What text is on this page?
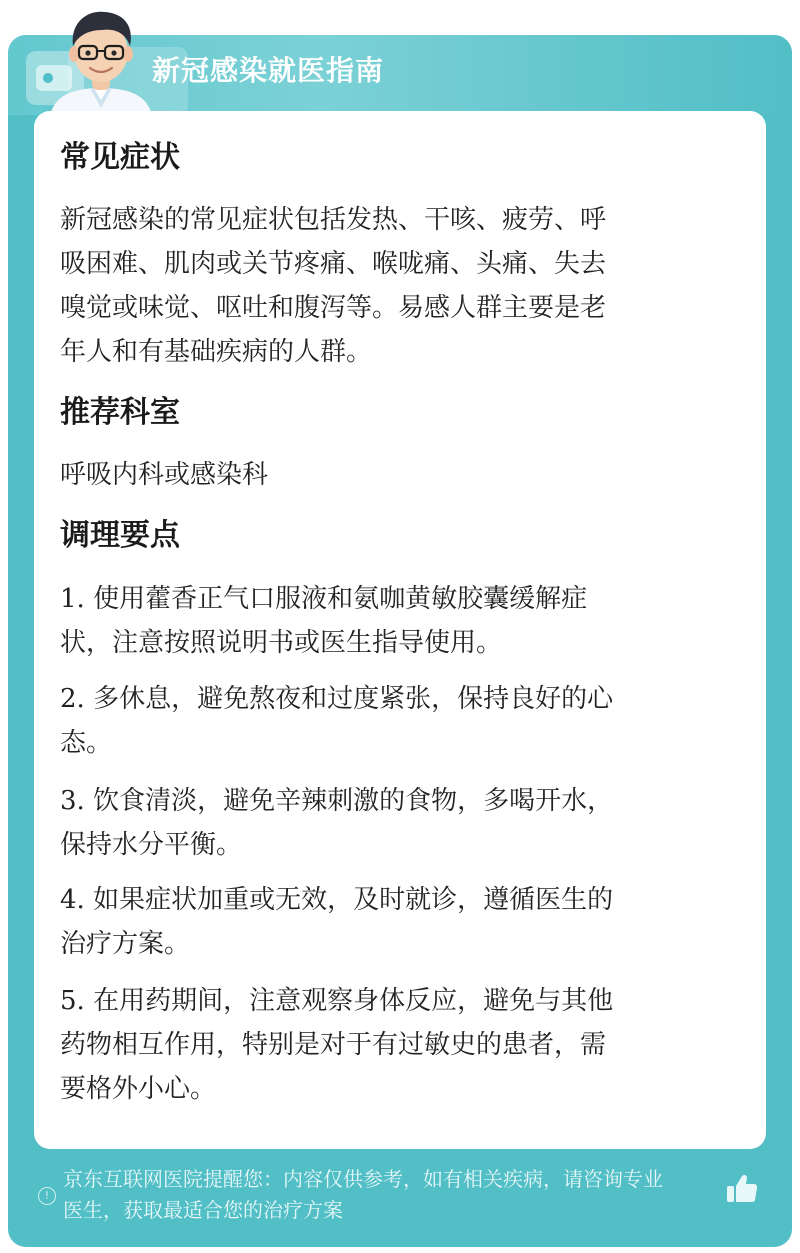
新冠感染就医指南
常见症状
新冠感染的常见症状包括发热、干咳、疲劳、呼
吸困难、肌肉或关节疼痛、喉咙痛、头痛、失去
嗅觉或味觉、呕吐和腹泻等。易感人群主要是老
年人和有基础疾病的人群。
推荐科室
呼吸内科或感染科
调理要点
1. 使用藿香正气口服液和氨咖黄敏胶囊缓解症
状，注意按照说明书或医生指导使用。
2. 多休息，避免熬夜和过度紧张，保持良好的心
态。
3. 饮食清淡，避免辛辣刺激的食物，多喝开水，
保持水分平衡。
4. 如果症状加重或无效，及时就诊，遵循医生的
治疗方案。
5. 在用药期间，注意观察身体反应，避免与其他
药物相互作用，特别是对于有过敏史的患者，需
要格外小心。
!
京东互联网医院提醒您：内容仅供参考，如有相关疾病，请咨询专业
医生，获取最适合您的治疗方案
